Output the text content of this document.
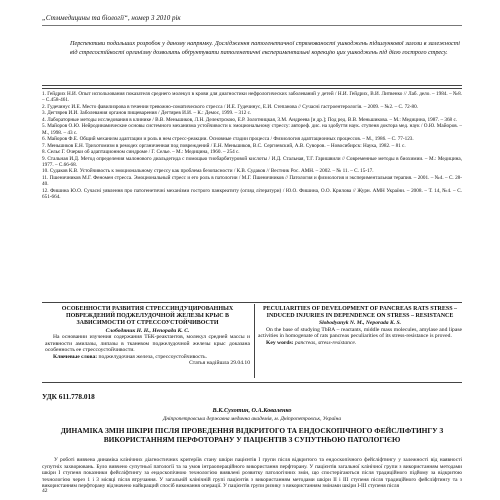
„Стммедицины та біології“, номер 3 2010 рік
Перспективи подальших розробок у даному напрямку. Дослідження патогенетичної спрямованості ушкоджень підшлункової залози в залежності від стресостійкості організму дозволить обґрунтувати патогенетичні експериментальні корекцію цих ушкоджень під дією гострого стресу.
1. Гейдрих Н.И. Опыт использования показателя среднего молекул в крови для диагностики нефрологических заболеваний у детей / Н.И. Гейдрих, В.И. Литвенко // Лаб. дело. – 1984. – №8. – С.458-461.
2. Гудечинус И.Е. Место фавилизрова в течении тревожно-соматического стресса / И.Е. Гудечинус, Е.И. Степанова // Сучасні гастроентерологія. – 2009. – №2. – С. 72-80.
3. Дегтярев И.И. Заболевания органов пищеварения / Дегтярев И.И. – К.: Демос, 1999. – 312 с.
4. Лабораторные методы исследования в клинике / В.В. Меньшиков, Л.Н. Делектрскою, Е.Р. Золотницкая, З.М. Андреева [и др.]; Под ред. В.В. Меньшикова. – М.: Медицина, 1987. – 368 с.
5. Майоров О.Ю. Нейродинамические основы системного механизма устойчивости к эмоциональному стрессу: автореф. дис. на здобуття наук. ступеня доктора мед. наук / О.Ю. Майоров. – М., 1998. – 43 с.
6. Майоров Ф.Е. Общий механизм адаптации и роль в нем стресс-реакции. Основные стадии процесса / Физиология адаптационных процессов. – М., 1986. – С. 77-123.
7. Меньшиков Е.Н. Трихотомизм в ремодех органиченная под повреждений / Е.Н. Меньшиков, В.С. Сергиевский, А.В. Суворов. – Новосибирск: Наука, 1982. – 81 с.
8. Сельє Г. Очерки об адаптационном синдроме / Г. Селье. – М.: Медицина, 1960. – 254 с.
9. Стальная И.Д. Метод определения малонового диальдегида с помощью тиобарбитуровой кислоты / И.Д. Стальная, Т.Г. Гаришвили // Современные методы в биохимии. – М.: Медицина, 1977. – С.66-68.
10. Судаков К.В. Устойчивость к эмоциональному стрессу как проблема безопасности / К.В. Судаков // Вестник Рос. АМН. – 2002. – № 11. – С. 15-17.
11. Пшеничников М.Г. Феномен стресса. Эмоциональный стресс и его роль в патологии / М.Г. Пшеничников // Патология и физиология и экспериментальная терапия. – 2001. – №4. – С. 28-40.
12. Фишина Ю.О. Сучасні уявлення про патогенетичні механізми гострого панкреатиту (огляд літератури) / Ю.О. Фишина, О.О. Крилова // Журн. АМН України. – 2008. – Т. 14, №4. – С. 651-664.
ОСОБЕННОСТИ РАЗВИТИЯ СТРЕССИНДУЦИРОВАННЫХ ПОВРЕЖДЕНИЙ ПОДЖЕЛУДОЧНОЙ ЖЕЛЕЗЫ КРЫС В ЗАВИСИМОСТИ ОТ СТРЕССОУСТОЙЧИВОСТИ
Слободяник Н. Н., Непорада К. С.
На основании изучения содержания ТБК-реактантов, молекул средней массы и активности амилазы, липазы в тканевом поджелудочной железы крыс доказана особенность ее стрессоустойчивости.
Ключевые слова: поджелудочная железа, стрессоустойчивость.
Статья надійшла 29.04.10
PECULIARITIES OF DEVELOPMENT OF PANCREAS RATS STRESS – INDUCED INJURIES IN DEPENDENCE ON STRESS – RESISTANCE
Slobodyanyk N. M., Neporada K. S.
On the base of studying TbBA – reactants, middle mass molecules, amylase and lipase activities in homogenate of rats pancreas peculiarities of its stress-resistance is proved.
Key words: pancreas, stress-resistance.
УДК 611.778.018
В.К.Сухотин, О.А.Коваленко
Дніпропетровська державна медична академія, м. Дніпропетровськ, Україна
ДИНАМІКА ЗМІН ШКІРИ ПІСЛЯ ПРОВЕДЕННЯ ВІДКРИТОГО ТА ЕНДОСКОПІЧНОГО ФЕЙСЛІФТИНГУ З ВИКОРИСТАННЯМ ПЕРФОТОРАНУ У ПАЦІЄНТІВ З СУПУТНЬОЮ ПАТОЛОГІЄЮ
У роботі вивчена динаміка клінічних діагностичних критеріїв стану шкіри пацієнтів I групи після відкритого та ендоскопічного фейсліфтингу у залежності від наявності супутніх захворювань. Було вивчено супутньої патології та за умов інтраопераційного використання перфторану. У пацієнтів загальної клінічної групи з використанням методами шкіри I ступеня показники фейсліфтингу за ендоскопічною технологією виявлені розвитку патологічних змін, що спостерігаються після традиційного підйому за відкритою технологією через 1 і 3 місяці після втручання. У загальній клінічній групі пацієнтів з використанням методами шкіри II і III ступеня після традиційного фейсліфтингу та з використанням перфторану відзначено найкращий спосіб виконання операції. У пацієнтів групи ризику з використанням змінами шкіри I-III ступеня після
42
